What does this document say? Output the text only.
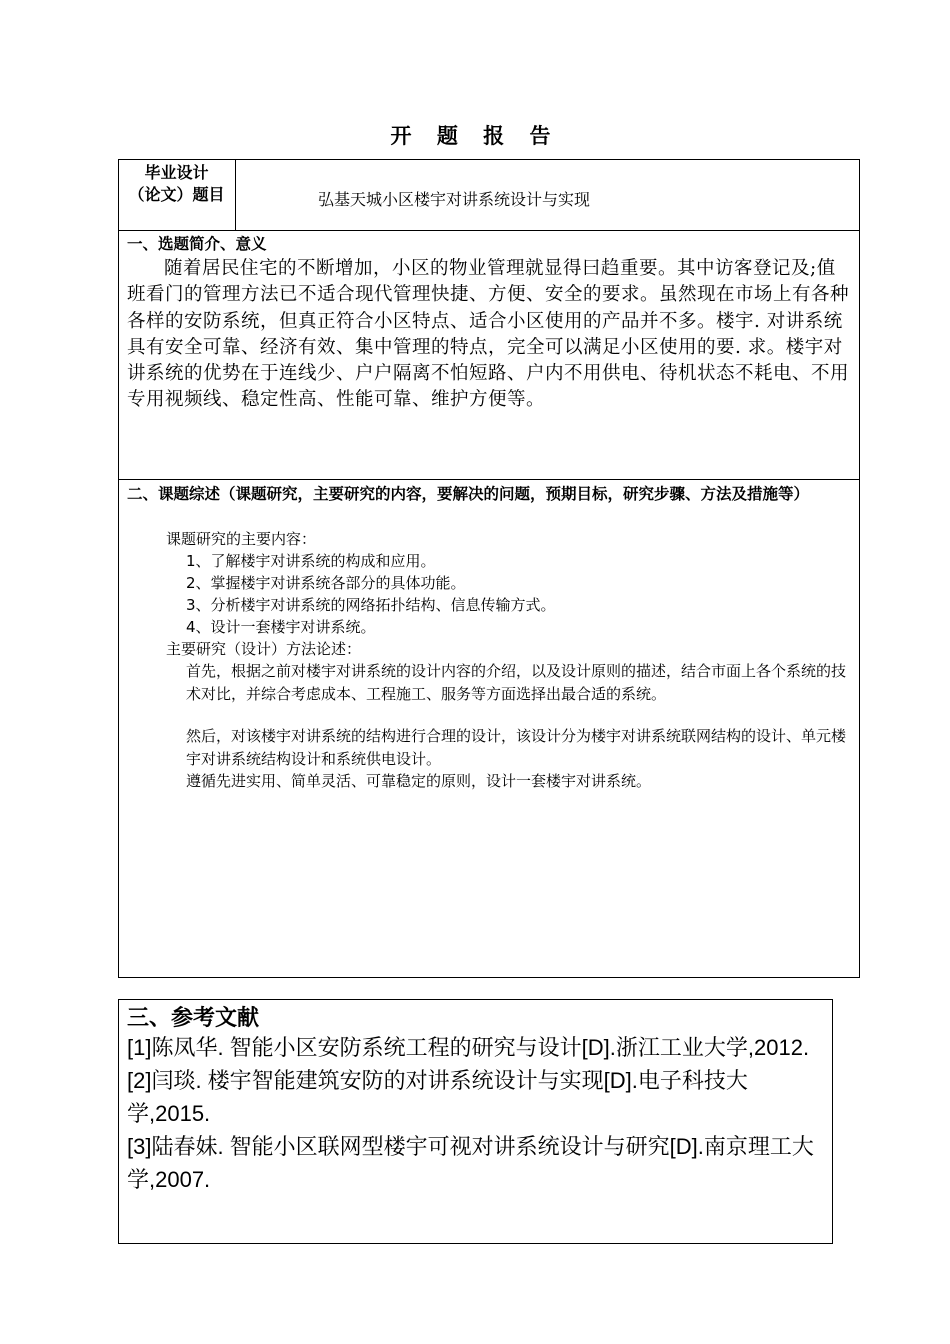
开 题 报 告
毕业设计
（论文）题目	弘基天城小区楼宇对讲系统设计与实现
一、选题简介、意义
随着居民住宅的不断增加，小区的物业管理就显得曰趋重要。其中访客登记及;值班看门的管理方法已不适合现代管理快捷、方便、安全的要求。虽然现在市场上有各种各样的安防系统，但真正符合小区特点、适合小区使用的产品并不多。楼宇. 对讲系统具有安全可靠、经济有效、集中管理的特点，完全可以满足小区使用的要. 求。楼宇对讲系统的优势在于连线少、户户隔离不怕短路、户内不用供电、待机状态不耗电、不用专用视频线、稳定性高、性能可靠、维护方便等。
二、课题综述（课题研究，主要研究的内容，要解决的问题，预期目标，研究步骤、方法及措施等）
课题研究的主要内容：
1、了解楼宇对讲系统的构成和应用。
2、掌握楼宇对讲系统各部分的具体功能。
3、分析楼宇对讲系统的网络拓扑结构、信息传输方式。
4、设计一套楼宇对讲系统。
主要研究（设计）方法论述：
首先，根据之前对楼宇对讲系统的设计内容的介绍，以及设计原则的描述，结合市面上各个系统的技术对比，并综合考虑成本、工程施工、服务等方面选择出最合适的系统。
然后，对该楼宇对讲系统的结构进行合理的设计，该设计分为楼宇对讲系统联网结构的设计、单元楼宇对讲系统结构设计和系统供电设计。
遵循先进实用、简单灵活、可靠稳定的原则，设计一套楼宇对讲系统。
三、参考文献
[1]陈凤华. 智能小区安防系统工程的研究与设计[D].浙江工业大学,2012.
[2]闫琰. 楼宇智能建筑安防的对讲系统设计与实现[D].电子科技大学,2015.
[3]陆春妹. 智能小区联网型楼宇可视对讲系统设计与研究[D].南京理工大学,2007.
